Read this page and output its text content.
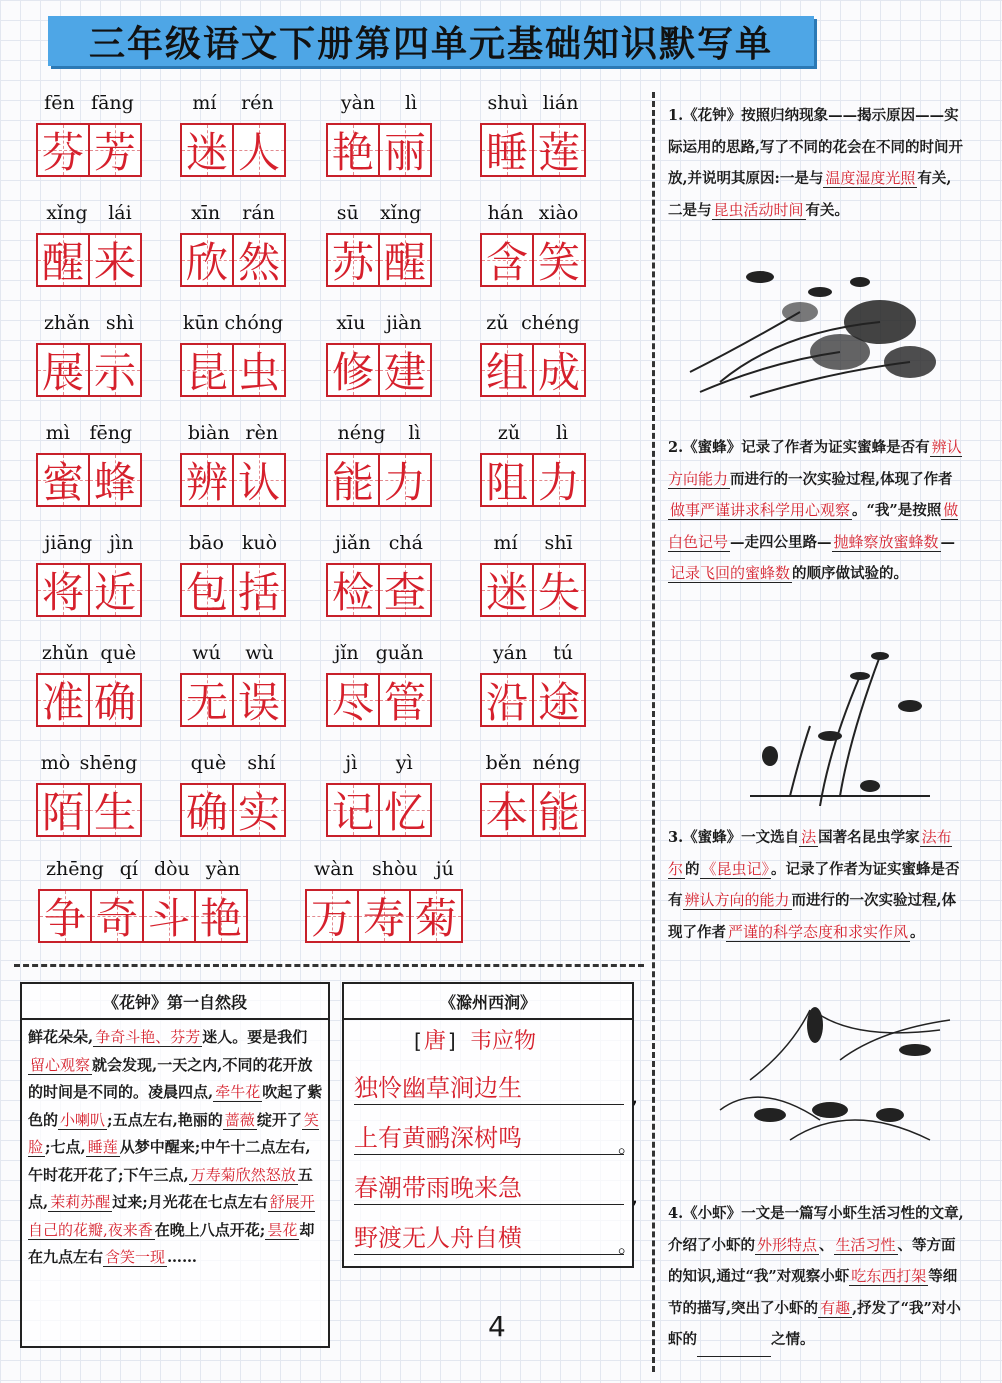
三年级语文下册第四单元基础知识默写单
fēn fāng
芬 芳
mí rén
迷 人
yàn lì
艳 丽
shuì lián
睡 莲
xǐng lái
醒 来
xīn rán
欣 然
sū xǐng
苏 醒
hán xiào
含 笑
zhǎn shì
展 示
kūn chóng
昆 虫
xīu jiàn
修 建
zǔ chéng
组 成
mì fēng
蜜 蜂
biàn rèn
辨 认
néng lì
能 力
zǔ lì
阻 力
jiāng jìn
将 近
bāo kuò
包 括
jiǎn chá
检 查
mí shī
迷 失
zhǔn què
准 确
wú wù
无 误
jǐn guǎn
尽 管
yán tú
沿 途
mò shēng
陌 生
què shí
确 实
jì yì
记 忆
běn néng
本 能
zhēng qí dòu yàn
争 奇 斗 艳
wàn shòu jú
万 寿 菊
《花钟》第一自然段
鲜花朵朵, 争奇斗艳、芬芳 迷人。要是我们留心观察 就会发现,一天之内,不同的花开放的时间是不同的。凌晨四点, 牵牛花 吹起了紫色的 小喇叭 ;五点左右,艳丽的 蔷薇 绽开了 笑脸 ;七点, 睡莲 从梦中醒来;中午十二点左右,午时花开花了;下午三点, 万寿菊欣然怒放 五点, 茉莉苏醒 过来;月光花在七点左右 舒展开自己的花瓣,夜来香 在晚上八点开花; 昙花 却在九点左右 含笑一现 ……
《滁州西涧》
[唐 ] 韦应物
独怜幽草涧边生	,
上有黄鹂深树鸣	。
春潮带雨晚来急	,
野渡无人舟自横	。
4
1.《花钟》按照归纳现象——揭示原因——实际运用的思路,写了不同的花会在不同的时间开放,并说明其原因:一是与 温度湿度光照 有关,二是与 昆虫活动时间 有关。
2.《蜜蜂》记录了作者为证实蜜蜂是否有 辨认方向能力 而进行的一次实验过程,体现了作者做事严谨讲求科学用心观察 。“我”是按照 做白色记号 —走四公里路— 抛蜂察放蜜蜂数 —记录飞回的蜜蜂数 的顺序做试验的。
3.《蜜蜂》一文选自 法 国著名昆虫学家 法布尔 的 《昆虫记》 。记录了作者为证实蜜蜂是否有 辨认方向的能力 而进行的一次实验过程,体现了作者 严谨的科学态度和求实作风 。
4.《小虾》一文是一篇写小虾生活习性的文章,介绍了小虾的 外形特点 、 生活习性 、等方面的知识,通过“我”对观察小虾 吃东西打架 等细节的描写,突出了小虾的 有趣 ,抒发了“我”对小虾的	之情。
